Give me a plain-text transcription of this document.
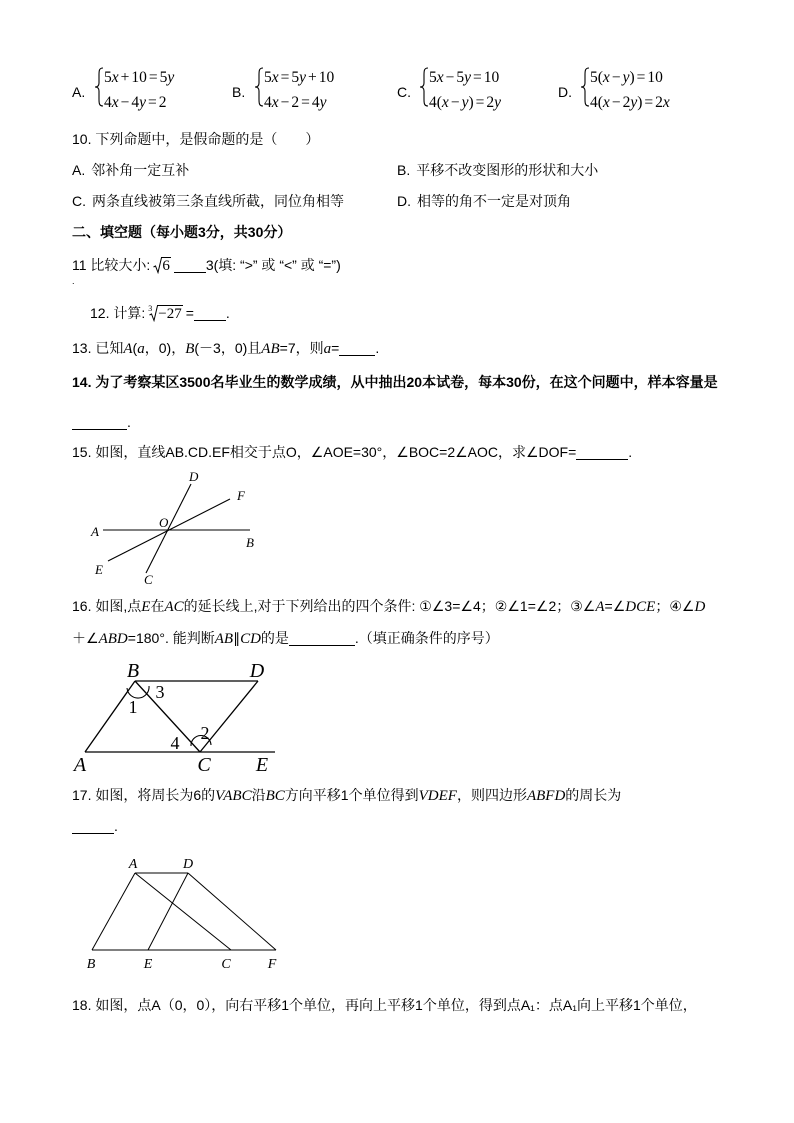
A.
5x + 10 = 5y
4x − 4y = 2
B.
5x = 5y + 10
4x − 2 = 4y
C.
5x − 5y = 10
4(x − y) = 2y
D.
5(x − y) = 10
4(x − 2y) = 2x
10. 下列命题中，是假命题的是（　　）
A. 邻补角一定互补	B. 平移不改变图形的形状和大小
C. 两条直线被第三条直线所截，同位角相等	D. 相等的角不一定是对顶角
二、填空题（每小题3分，共30分）
11 比较大小: 6	3(填: “>” 或 “<” 或 “=”)
.
12. 计算: $^3$ −27 = .
13. 已知A(a，0)，B(－3，0)且AB=7，则a=	.
14. 为了考察某区3500名毕业生的数学成绩，从中抽出20本试卷，每本30份，在这个问题中，样本容量是
.
15. 如图，直线AB.CD.EF相交于点O，∠AOE=30°，∠BOC=2∠AOC，求∠DOF=	.
D
F
A
O
B
E
C
16. 如图,点E在AC的延长线上,对于下列给出的四个条件: ①∠3=∠4；②∠1=∠2；③∠A=∠DCE；④∠D
＋∠ABD=180°. 能判断AB∥CD的是	.（填正确条件的序号）
B	D
A	C E
3
1
4 2
17. 如图，将周长为6的VABC沿BC方向平移1个单位得到VDEF，则四边形ABFD的周长为
.
A	D
B	E	C	F
18. 如图，点A（0，0），向右平移1个单位，再向上平移1个单位，得到点A₁：点A₁向上平移1个单位，
